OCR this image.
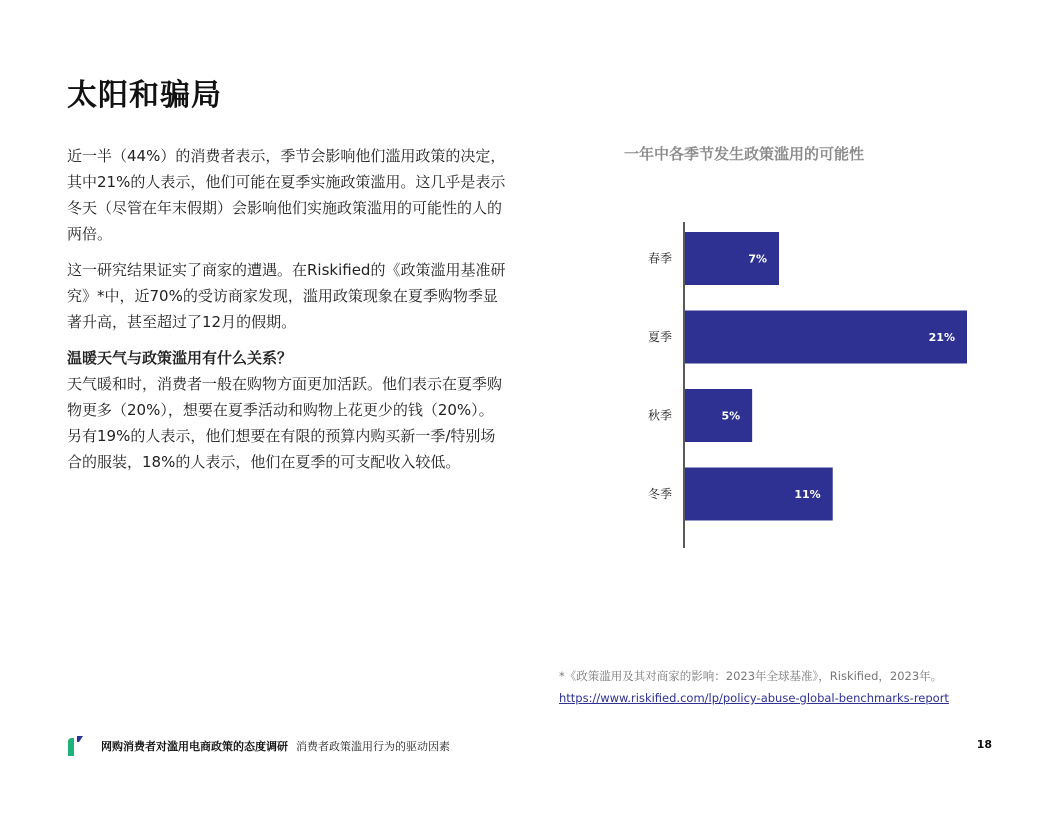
太阳和骗局

近一半（44%）的消费者表示，季节会影响他们滥用政策的决定，其中21%的人表示，他们可能在夏季实施政策滥用。这几乎是表示冬天（尽管在年末假期）会影响他们实施政策滥用的可能性的人的两倍。

这一研究结果证实了商家的遭遇。在Riskified的《政策滥用基准研究》*中，近70%的受访商家发现，滥用政策现象在夏季购物季显著升高，甚至超过了12月的假期。

温暖天气与政策滥用有什么关系？

天气暖和时，消费者一般在购物方面更加活跃。他们表示在夏季购物更多（20%），想要在夏季活动和购物上花更少的钱（20%）。另有19%的人表示，他们想要在有限的预算内购买新一季/特别场合的服装，18%的人表示，他们在夏季的可支配收入较低。

一年中各季节发生政策滥用的可能性
春季	7%
夏季	21%
秋季	5%
冬季	11%
*《政策滥用及其对商家的影响：2023年全球基准》，Riskified，2023年。
https://www.riskified.com/lp/policy-abuse-global-benchmarks-report
网购消费者对滥用电商政策的态度调研 消费者政策滥用行为的驱动因素	18
